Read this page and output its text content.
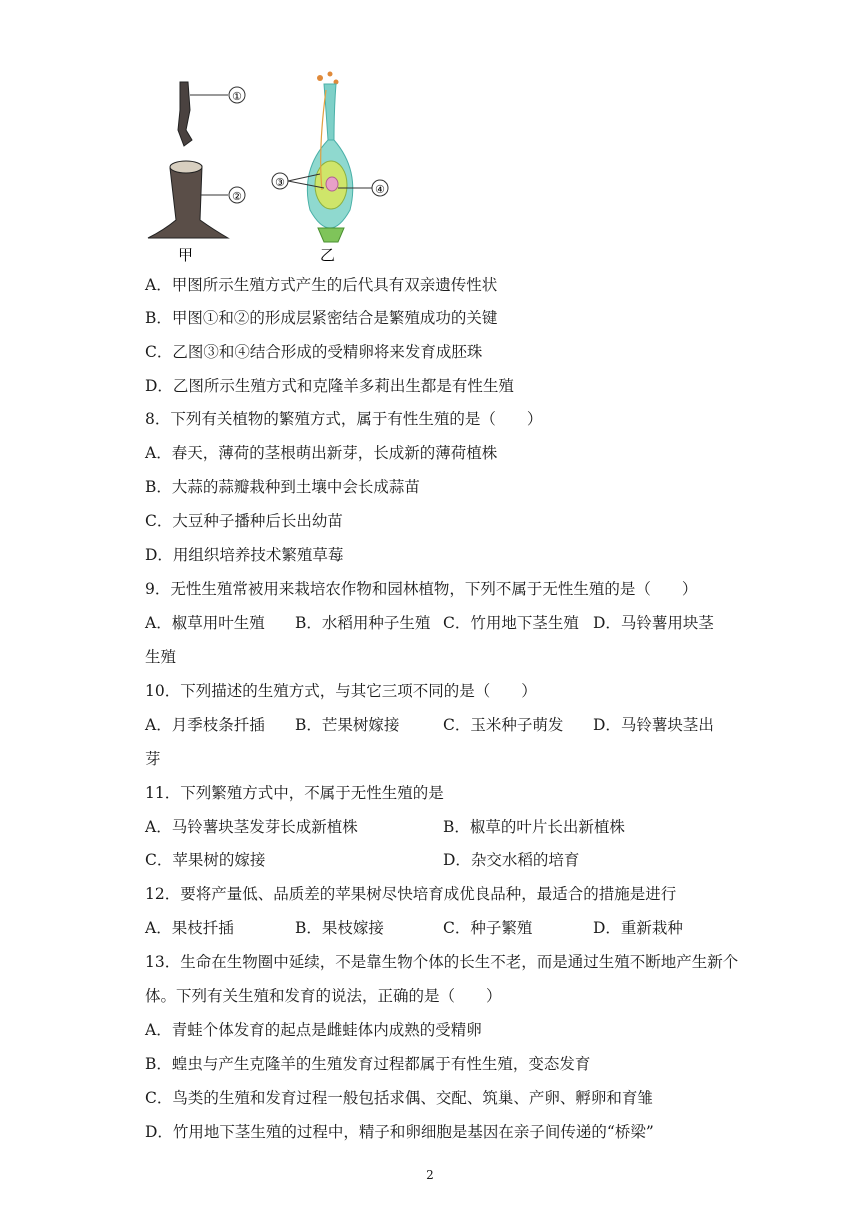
①
②
③
④
甲	乙
A．甲图所示生殖方式产生的后代具有双亲遗传性状
B．甲图①和②的形成层紧密结合是繁殖成功的关键
C．乙图③和④结合形成的受精卵将来发育成胚珠
D．乙图所示生殖方式和克隆羊多莉出生都是有性生殖
8．下列有关植物的繁殖方式，属于有性生殖的是（　　）
A．春天，薄荷的茎根萌出新芽，长成新的薄荷植株
B．大蒜的蒜瓣栽种到土壤中会长成蒜苗
C．大豆种子播种后长出幼苗
D．用组织培养技术繁殖草莓
9．无性生殖常被用来栽培农作物和园林植物，下列不属于无性生殖的是（　　）
A．椒草用叶生殖 B．水稻用种子生殖 C．竹用地下茎生殖 D．马铃薯用块茎
生殖
10．下列描述的生殖方式，与其它三项不同的是（　　）
A．月季枝条扦插 B．芒果树嫁接	C．玉米种子萌发 D．马铃薯块茎出
芽
11．下列繁殖方式中，不属于无性生殖的是
A．马铃薯块茎发芽长成新植株	B．椒草的叶片长出新植株
C．苹果树的嫁接	D．杂交水稻的培育
12．要将产量低、品质差的苹果树尽快培育成优良品种，最适合的措施是进行
A．果枝扦插	B．果枝嫁接	C．种子繁殖	D．重新栽种
13．生命在生物圈中延续，不是靠生物个体的长生不老，而是通过生殖不断地产生新个
体。下列有关生殖和发育的说法，正确的是（　　）
A．青蛙个体发育的起点是雌蛙体内成熟的受精卵
B．蝗虫与产生克隆羊的生殖发育过程都属于有性生殖，变态发育
C．鸟类的生殖和发育过程一般包括求偶、交配、筑巢、产卵、孵卵和育雏
D．竹用地下茎生殖的过程中，精子和卵细胞是基因在亲子间传递的“桥梁”
2
